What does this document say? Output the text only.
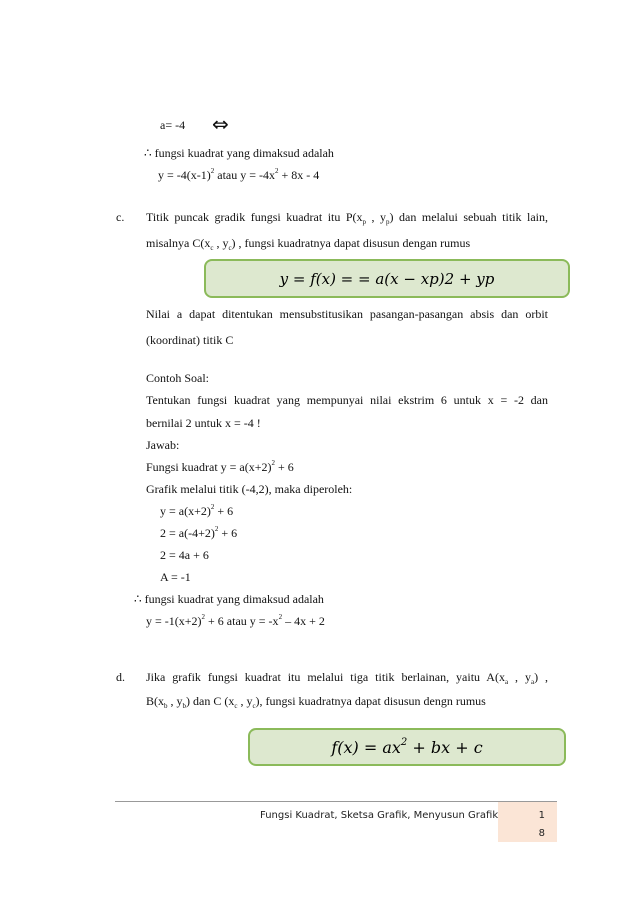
a= -4 ⇔
∴ fungsi kuadrat yang dimaksud adalah
$y = -4(x-1)^2$ atau $y = -4x^2 + 8x - 4$
c. Titik puncak gradik fungsi kuadrat itu $P(x_p$ , $y_p$) dan melalui sebuah titik lain,
misalnya $C(x_c$ , $y_c$) , fungsi kuadratnya dapat disusun dengan rumus
y = f(x) = = a(x − xp)2 + yp
Nilai a dapat ditentukan mensubstitusikan pasangan-pasangan absis dan orbit
(koordinat) titik C
Contoh Soal:
Tentukan fungsi kuadrat yang mempunyai nilai ekstrim 6 untuk x = -2 dan
bernilai 2 untuk x = -4 !
Jawab:
Fungsi kuadrat $y = a(x+2)^2 + 6$
Grafik melalui titik (-4,2), maka diperoleh:
$y = a(x+2)^2 + 6$
$2 = a(-4+2)^2 + 6$
2 = 4a + 6
A = -1
∴ fungsi kuadrat yang dimaksud adalah
$y = -1(x+2)^2 + 6$ atau $y = -x^2 - 4x + 2$
d. Jika grafik fungsi kuadrat itu melalui tiga titik berlainan, yaitu $A(x_a$ , $y_a$) ,
$B(x_b$ , $y_b$) dan C ($x_c$ , $y_c$), fungsi kuadratnya dapat disusun dengn rumus
$f(x) = ax^2$ + bx + c
Fungsi Kuadrat, Sketsa Grafik, Menyusun Grafik	1
8
